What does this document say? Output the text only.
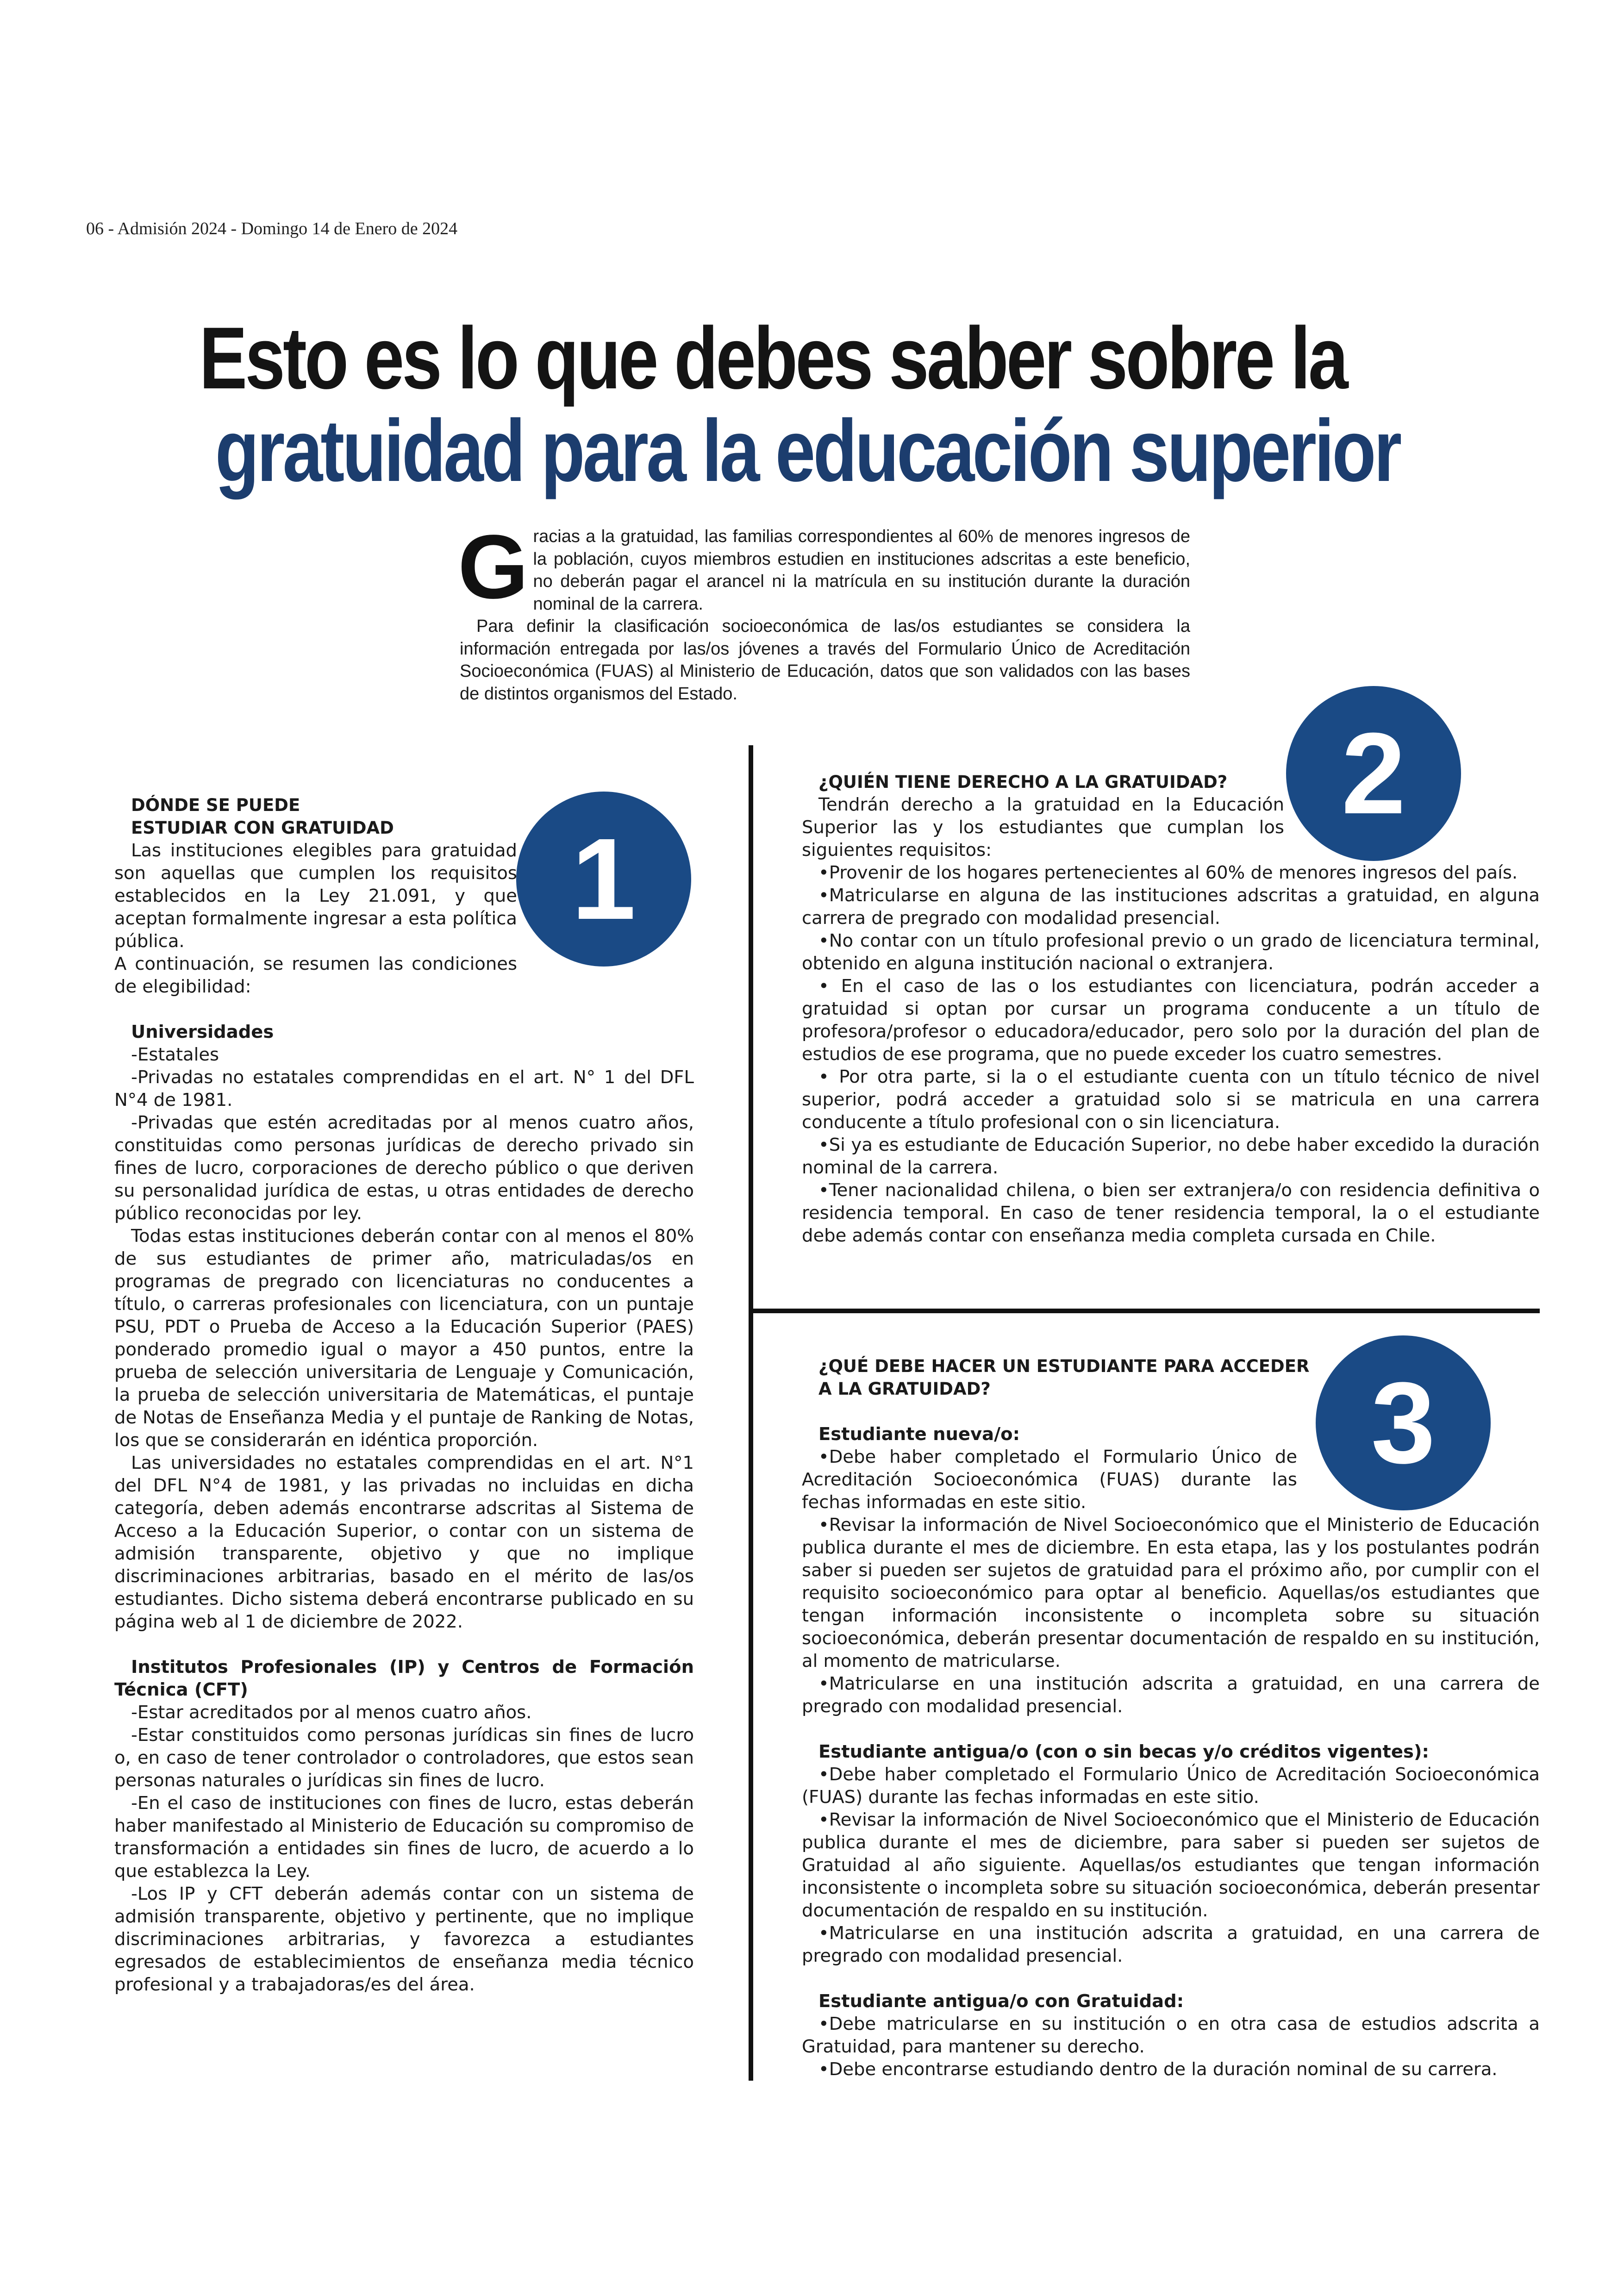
06 - Admisión 2024 - Domingo 14 de Enero de 2024
Esto es lo que debes saber sobre la
gratuidad para la educación superior
G racias a la gratuidad, las familias correspondientes al 60% de menores ingresos de la población, cuyos miembros estudien en instituciones adscritas a este beneficio, no deberán pagar el arancel ni la matrícula en su institución durante la duración nominal de la carrera.

Para definir la clasificación socioeconómica de las/os estudiantes se considera la información entregada por las/os jóvenes a través del Formulario Único de Acreditación Socioeconómica (FUAS) al Ministerio de Educación, datos que son validados con las bases de distintos organismos del Estado.

1
2
3

DÓNDE SE PUEDE

ESTUDIAR CON GRATUIDAD

Las instituciones elegibles para gratuidad son aquellas que cumplen los requisitos establecidos en la Ley 21.091, y que aceptan formalmente ingresar a esta política pública.

A continuación, se resumen las condiciones de elegibilidad:

Universidades

-Estatales

-Privadas no estatales comprendidas en el art. N° 1 del DFL N°4 de 1981.

-Privadas que estén acreditadas por al menos cuatro años, constituidas como personas jurídicas de derecho privado sin fines de lucro, corporaciones de derecho público o que deriven su personalidad jurídica de estas, u otras entidades de derecho público reconocidas por ley.

Todas estas instituciones deberán contar con al menos el 80% de sus estudiantes de primer año, matriculadas/os en programas de pregrado con licenciaturas no conducentes a título, o carreras profesionales con licenciatura, con un puntaje PSU, PDT o Prueba de Acceso a la Educación Superior (PAES) ponderado promedio igual o mayor a 450 puntos, entre la prueba de selección universitaria de Lenguaje y Comunicación, la prueba de selección universitaria de Matemáticas, el puntaje de Notas de Enseñanza Media y el puntaje de Ranking de Notas, los que se considerarán en idéntica proporción.

Las universidades no estatales comprendidas en el art. N°1 del DFL N°4 de 1981, y las privadas no incluidas en dicha categoría, deben además encontrarse adscritas al Sistema de Acceso a la Educación Superior, o contar con un sistema de admisión transparente, objetivo y que no implique discriminaciones arbitrarias, basado en el mérito de las/os estudiantes. Dicho sistema deberá encontrarse publicado en su página web al 1 de diciembre de 2022.

Institutos Profesionales (IP) y Centros de Formación Técnica (CFT)

-Estar acreditados por al menos cuatro años.

-Estar constituidos como personas jurídicas sin fines de lucro o, en caso de tener controlador o controladores, que estos sean personas naturales o jurídicas sin fines de lucro.

-En el caso de instituciones con fines de lucro, estas deberán haber manifestado al Ministerio de Educación su compromiso de transformación a entidades sin fines de lucro, de acuerdo a lo que establezca la Ley.

-Los IP y CFT deberán además contar con un sistema de admisión transparente, objetivo y pertinente, que no implique discriminaciones arbitrarias, y favorezca a estudiantes egresados de establecimientos de enseñanza media técnico profesional y a trabajadoras/es del área.

¿QUIÉN TIENE DERECHO A LA GRATUIDAD?

Tendrán derecho a la gratuidad en la Educación Superior las y los estudiantes que cumplan los siguientes requisitos:

•Provenir de los hogares pertenecientes al 60% de menores ingresos del país.

•Matricularse en alguna de las instituciones adscritas a gratuidad, en alguna carrera de pregrado con modalidad presencial.

•No contar con un título profesional previo o un grado de licenciatura terminal, obtenido en alguna institución nacional o extranjera.

• En el caso de las o los estudiantes con licenciatura, podrán acceder a gratuidad si optan por cursar un programa conducente a un título de profesora/profesor o educadora/educador, pero solo por la duración del plan de estudios de ese programa, que no puede exceder los cuatro semestres.

• Por otra parte, si la o el estudiante cuenta con un título técnico de nivel superior, podrá acceder a gratuidad solo si se matricula en una carrera conducente a título profesional con o sin licenciatura.

•Si ya es estudiante de Educación Superior, no debe haber excedido la duración nominal de la carrera.

•Tener nacionalidad chilena, o bien ser extranjera/o con residencia definitiva o residencia temporal. En caso de tener residencia temporal, la o el estudiante debe además contar con enseñanza media completa cursada en Chile.

¿QUÉ DEBE HACER UN ESTUDIANTE PARA ACCEDER

A LA GRATUIDAD?

Estudiante nueva/o:

•Debe haber completado el Formulario Único de Acreditación Socioeconómica (FUAS) durante las fechas informadas en este sitio.

•Revisar la información de Nivel Socioeconómico que el Ministerio de Educación publica durante el mes de diciembre. En esta etapa, las y los postulantes podrán saber si pueden ser sujetos de gratuidad para el próximo año, por cumplir con el requisito socioeconómico para optar al beneficio. Aquellas/os estudiantes que tengan información inconsistente o incompleta sobre su situación socioeconómica, deberán presentar documentación de respaldo en su institución, al momento de matricularse.

•Matricularse en una institución adscrita a gratuidad, en una carrera de pregrado con modalidad presencial.

Estudiante antigua/o (con o sin becas y/o créditos vigentes):

•Debe haber completado el Formulario Único de Acreditación Socioeconómica (FUAS) durante las fechas informadas en este sitio.

•Revisar la información de Nivel Socioeconómico que el Ministerio de Educación publica durante el mes de diciembre, para saber si pueden ser sujetos de Gratuidad al año siguiente. Aquellas/os estudiantes que tengan información inconsistente o incompleta sobre su situación socioeconómica, deberán presentar documentación de respaldo en su institución.

•Matricularse en una institución adscrita a gratuidad, en una carrera de pregrado con modalidad presencial.

Estudiante antigua/o con Gratuidad:

•Debe matricularse en su institución o en otra casa de estudios adscrita a Gratuidad, para mantener su derecho.

•Debe encontrarse estudiando dentro de la duración nominal de su carrera.
